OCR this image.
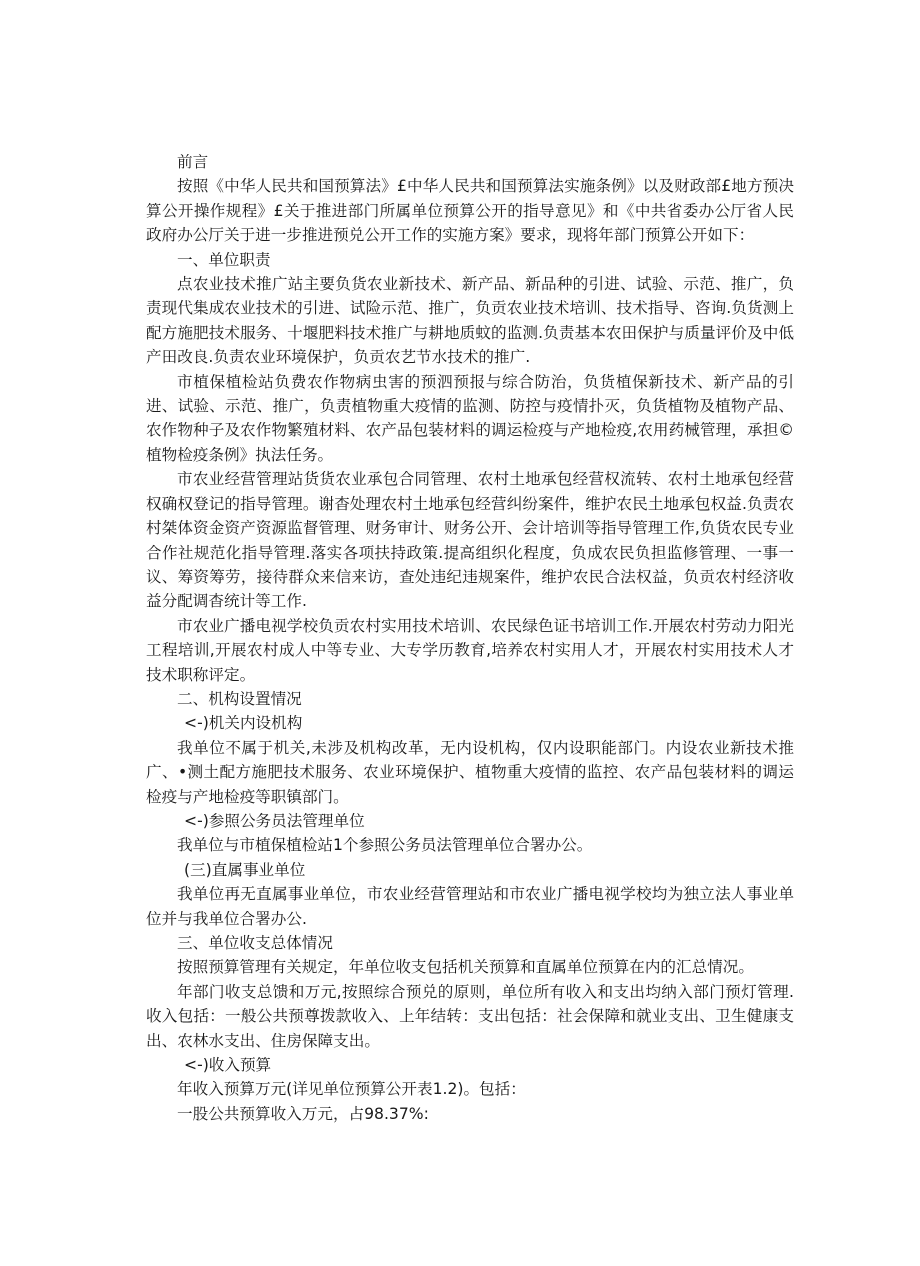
前言

按照《中华人民共和国预算法》£中华人民共和国预算法实施条例》以及财政部£地方预决算公开操作规程》£关于推进部门所属单位预算公开的指导意见》和《中共省委办公厅省人民政府办公厅关于进一步推进预兑公开工作的实施方案》要求，现将年部门预算公开如下：

一、单位职责

点农业技术推广站主要负货农业新技术、新产品、新品种的引进、试验、示范、推广，负责现代集成农业技术的引进、试险示范、推广，负贡农业技术培训、技术指导、咨询.负货测上配方施肥技术服务、十堰肥料技术推广与耕地质蚊的监测.负责基本农田保护与质量评价及中低产田改良.负责农业环境保护，负贡农艺节水技术的推广.

市植保植检站负费农作物病虫害的预泗预报与综合防治，负货植保新技术、新产品的引进、试验、示范、推广，负责植物重大疫情的监测、防控与疫情扑灭，负货植物及植物产品、农作物种子及农作物繁殖材料、农产品包装材料的调运检疫与产地检疫,农用药械管理，承担©植物检疫条例》执法任务。

市农业经营管理站货货农业承包合同管理、农村土地承包经营权流转、农村土地承包经营权确权登记的指导管理。谢杳处理农村土地承包经营纠纷案件，维护农民土地承包权益.负责农村桀体资金资产资源监督管理、财务审计、财务公开、会计培训等指导管理工作,负货农民专业合作社规范化指导管理.落实各项扶持政策.提高组织化程度，负成农民负担监修管理、一事一议、筹资筹劳，接待群众来信来访，查处违纪违规案件，维护农民合法权益，负贡农村经济收益分配调杳统计等工作.

市农业广播电视学校负贡农村实用技术培训、农民绿色证书培训工作.开展农村劳动力阳光工程培训,开展农村成人中等专业、大专学历教育,培养农村实用人才，开展农村实用技术人才技术职称评定。

二、机构设置情况

<-)机关内设机构

我单位不属于机关,未涉及机构改革，无内设机构，仅内设职能部门。内设农业新技术推广、•测土配方施肥技术服务、农业环境保护、植物重大疫情的监控、农产品包装材料的调运检疫与产地检疫等职镇部门。

<-)参照公务员法管理单位

我单位与市植保植检站1个参照公务员法管理单位合署办公。

(三)直属事业单位

我单位再无直属事业单位，市农业经营管理站和市农业广播电视学校均为独立法人事业单位并与我单位合署办公.

三、单位收支总体情况

按照预算管理有关规定，年单位收支包括机关预算和直属单位预算在内的汇总情况。

年部门收支总馈和万元,按照综合预兑的原则，单位所有收入和支出均纳入部门预灯管理.收入包括：一般公共预尊拨款收入、上年结转：支出包括：社会保障和就业支出、卫生健康支出、农林水支出、住房保障支出。

<-)收入预算

年收入预算万元(详见单位预算公开表1.2)。包括：

一股公共预算收入万元，占98.37%:
